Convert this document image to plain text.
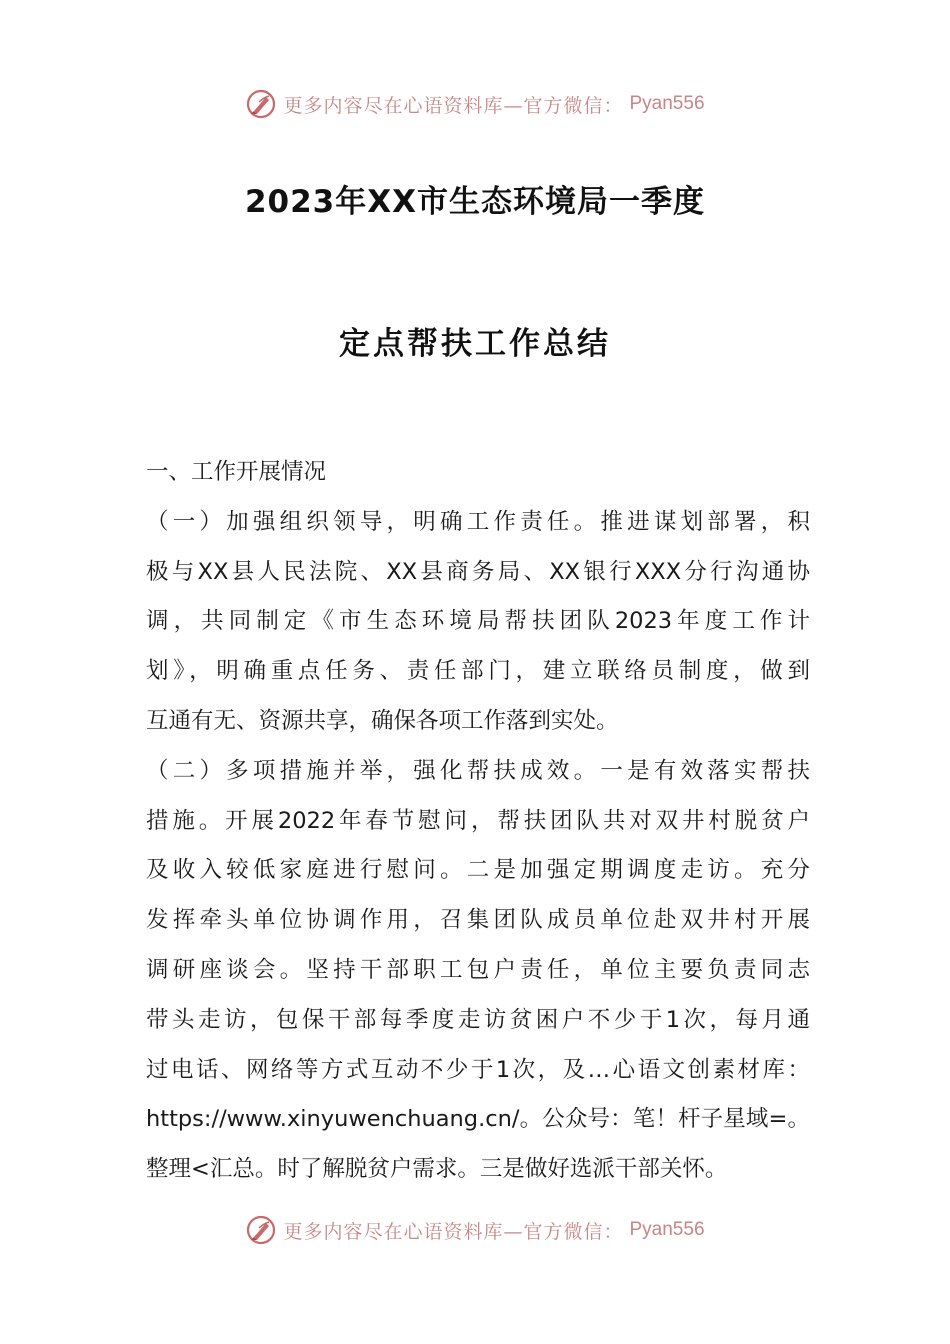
更多内容尽在心语资料库—官方微信： Pyan556
2023年XX市生态环境局一季度
定点帮扶工作总结
一、工作开展情况
（一）加强组织领导，明确工作责任。推进谋划部署，积
极与XX县人民法院、XX县商务局、XX银行XXX分行沟通协
调，共同制定《市生态环境局帮扶团队2023年度工作计
划》，明确重点任务、责任部门，建立联络员制度，做到
互通有无、资源共享，确保各项工作落到实处。
（二）多项措施并举，强化帮扶成效。一是有效落实帮扶
措施。开展2022年春节慰问，帮扶团队共对双井村脱贫户
及收入较低家庭进行慰问。二是加强定期调度走访。充分
发挥牵头单位协调作用，召集团队成员单位赴双井村开展
调研座谈会。坚持干部职工包户责任，单位主要负责同志
带头走访，包保干部每季度走访贫困户不少于1次，每月通
过电话、网络等方式互动不少于1次，及…心语文创素材库：
https://www.xinyuwenchuang.cn/。公众号：笔！杆子星域=。
整理<汇总。时了解脱贫户需求。三是做好选派干部关怀。
更多内容尽在心语资料库—官方微信： Pyan556
